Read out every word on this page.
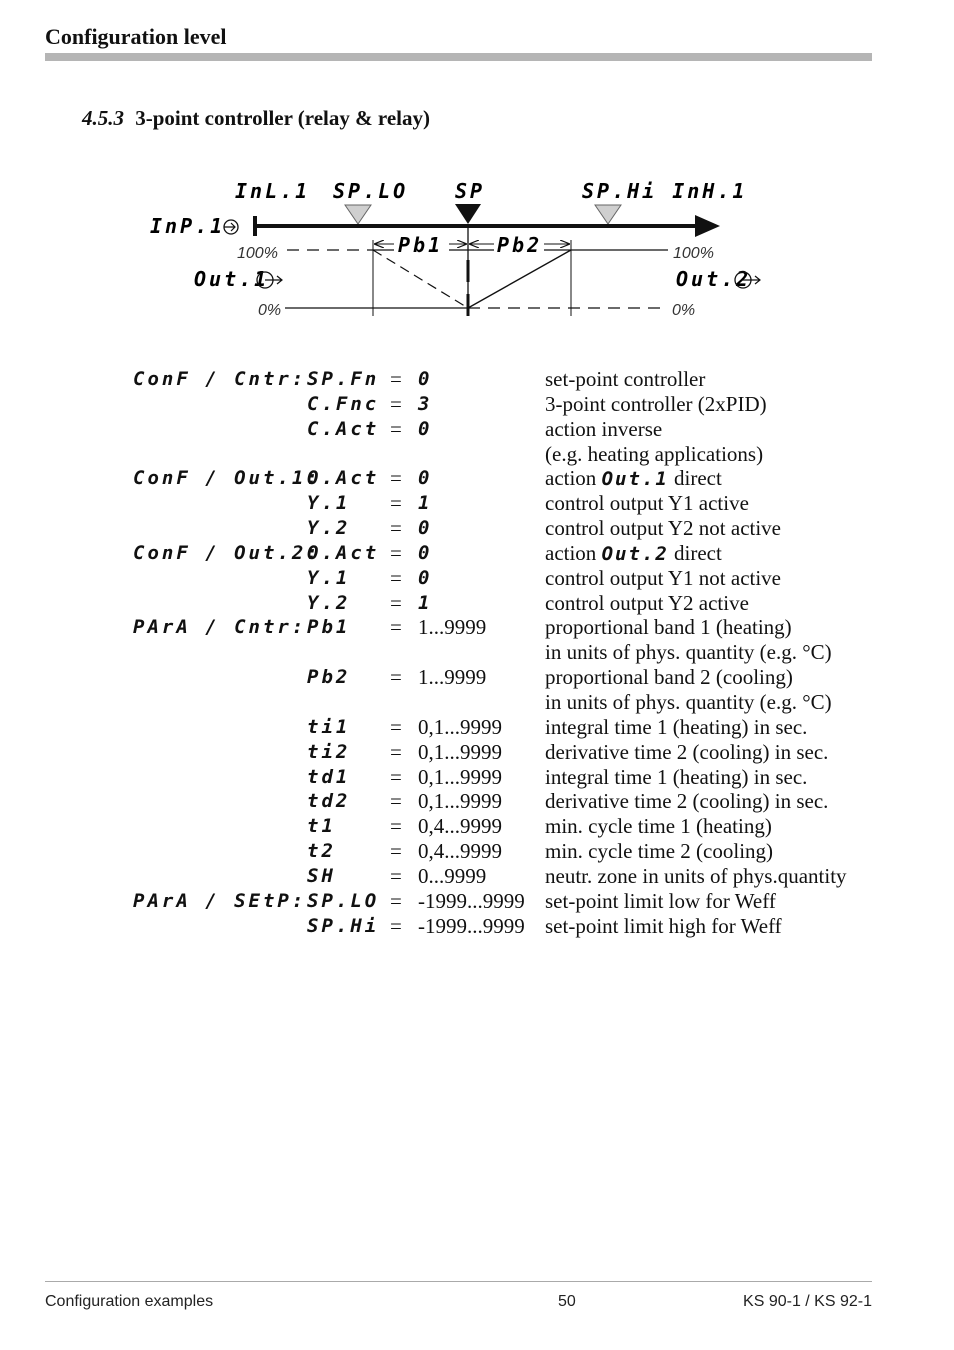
Configuration level
4.5.3 3-point controller (relay & relay)
InL.1 SP.LO SP	SP.Hi InH.1
InP.1
100%	100%
Pb1	Pb2
Out.1	Out.2
0%	0%
ConF / Cntr: SP.Fn = 0	set-point controller
C.Fnc = 3	3-point controller (2xPID)
C.Act = 0	action inverse
(e.g. heating applications)
ConF / Out.1:
O.Act = 0	action Out.1 direct
Y.1 = 1	control output Y1 active
Y.2 = 0	control output Y2 not active
ConF / Out.2:
O.Act = 0	action Out.2 direct
Y.1 = 0	control output Y1 not active
Y.2 = 1	control output Y2 active
PArA / Cntr: Pb1 = 1...9999	proportional band 1 (heating)
in units of phys. quantity (e.g. °C)
Pb2 = 1...9999	proportional band 2 (cooling)
in units of phys. quantity (e.g. °C)
ti1 = 0,1...9999 integral time 1 (heating) in sec.
ti2 = 0,1...9999 derivative time 2 (cooling) in sec.
td1 = 0,1...9999 integral time 1 (heating) in sec.
td2 = 0,1...9999 derivative time 2 (cooling) in sec.
t1	= 0,4...9999 min. cycle time 1 (heating)
t2	= 0,4...9999 min. cycle time 2 (cooling)
SH	= 0...9999	neutr. zone in units of phys.quantity
PArA / SEtP: SP.LO = -1999...9999 set-point limit low for Weff
SP.Hi = -1999...9999 set-point limit high for Weff
Configuration examples	50	KS 90-1 / KS 92-1
